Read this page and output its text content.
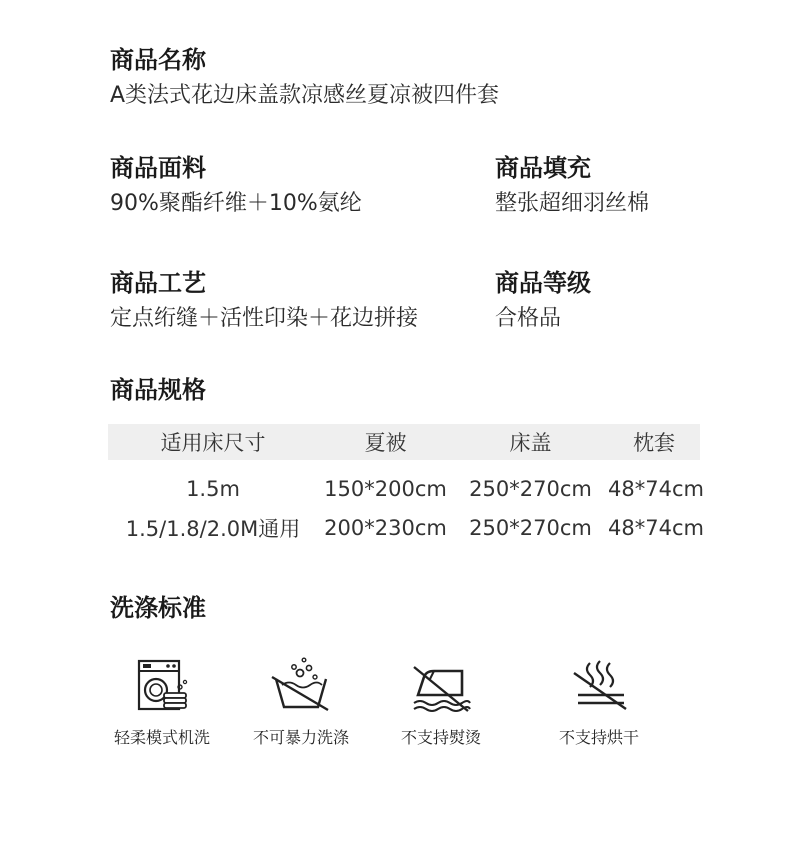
商品名称
A类法式花边床盖款凉感丝夏凉被四件套
商品面料
90%聚酯纤维＋10%氨纶
商品填充
整张超细羽丝棉
商品工艺
定点绗缝＋活性印染＋花边拼接
商品等级
合格品
商品规格
适用床尺寸	夏被	床盖	枕套
1.5m	150*200cm	250*270cm 48*74cm
1.5/1.8/2.0M通用	200*230cm	250*270cm 48*74cm
洗涤标准
轻柔模式机洗	不可暴力洗涤	不支持熨烫	不支持烘干
